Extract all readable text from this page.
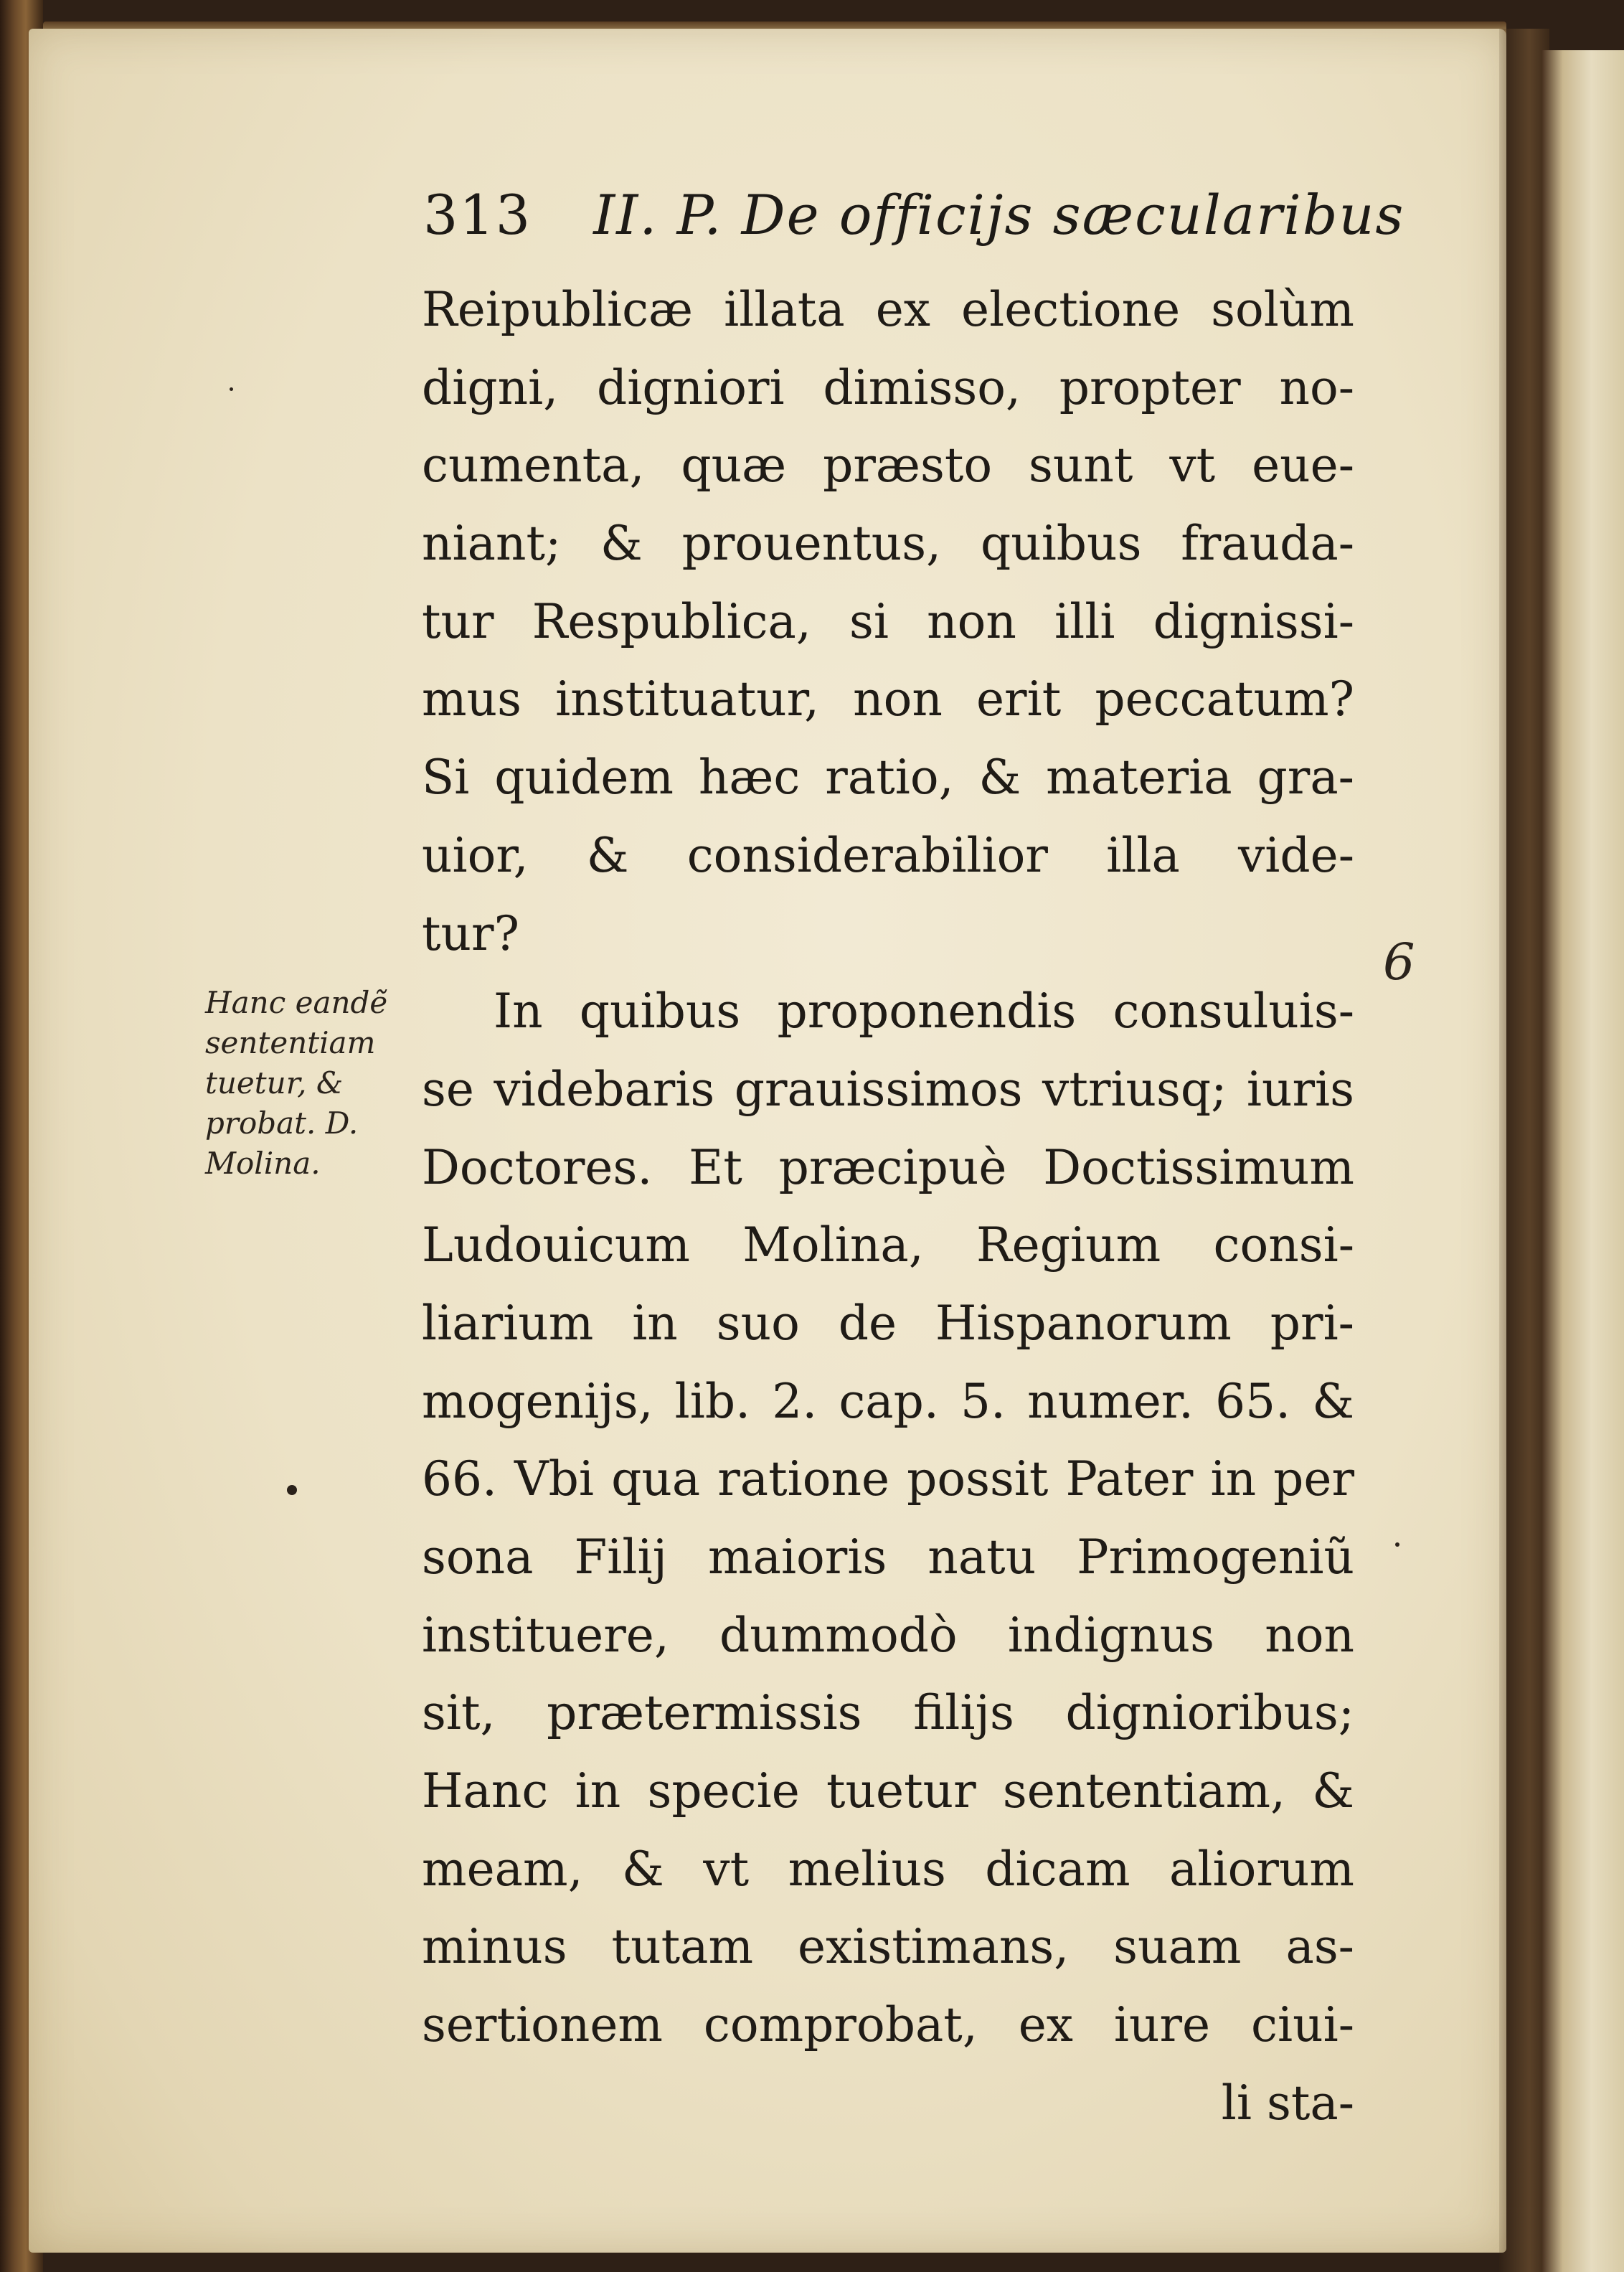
313 II. P. De officijs sæcularibus
Reipublicæ illata ex electione solùm
digni, digniori dimisso, propter no-
cumenta, quæ præsto sunt vt eue-
niant; & prouentus, quibus frauda-
tur Respublica, si non illi dignissi-
mus instituatur, non erit peccatum?
Si quidem hæc ratio, & materia gra-
uior, & considerabilior illa vide-
tur?
In quibus proponendis consuluis-
se videbaris grauissimos vtriusq; iuris
Doctores. Et præcipuè Doctissimum
Ludouicum Molina, Regium consi-
liarium in suo de Hispanorum pri-
mogenijs, lib. 2. cap. 5. numer. 65. &
66. Vbi qua ratione possit Pater in per
sona Filij maioris natu Primogeniũ
instituere, dummodò indignus non
sit, prætermissis filijs dignioribus;
Hanc in specie tuetur sententiam, &
meam, & vt melius dicam aliorum
minus tutam existimans, suam as-
sertionem comprobat, ex iure ciui-
li sta-
Hanc eandẽ
sententiam
tuetur, &
probat. D.
Molina.
6
